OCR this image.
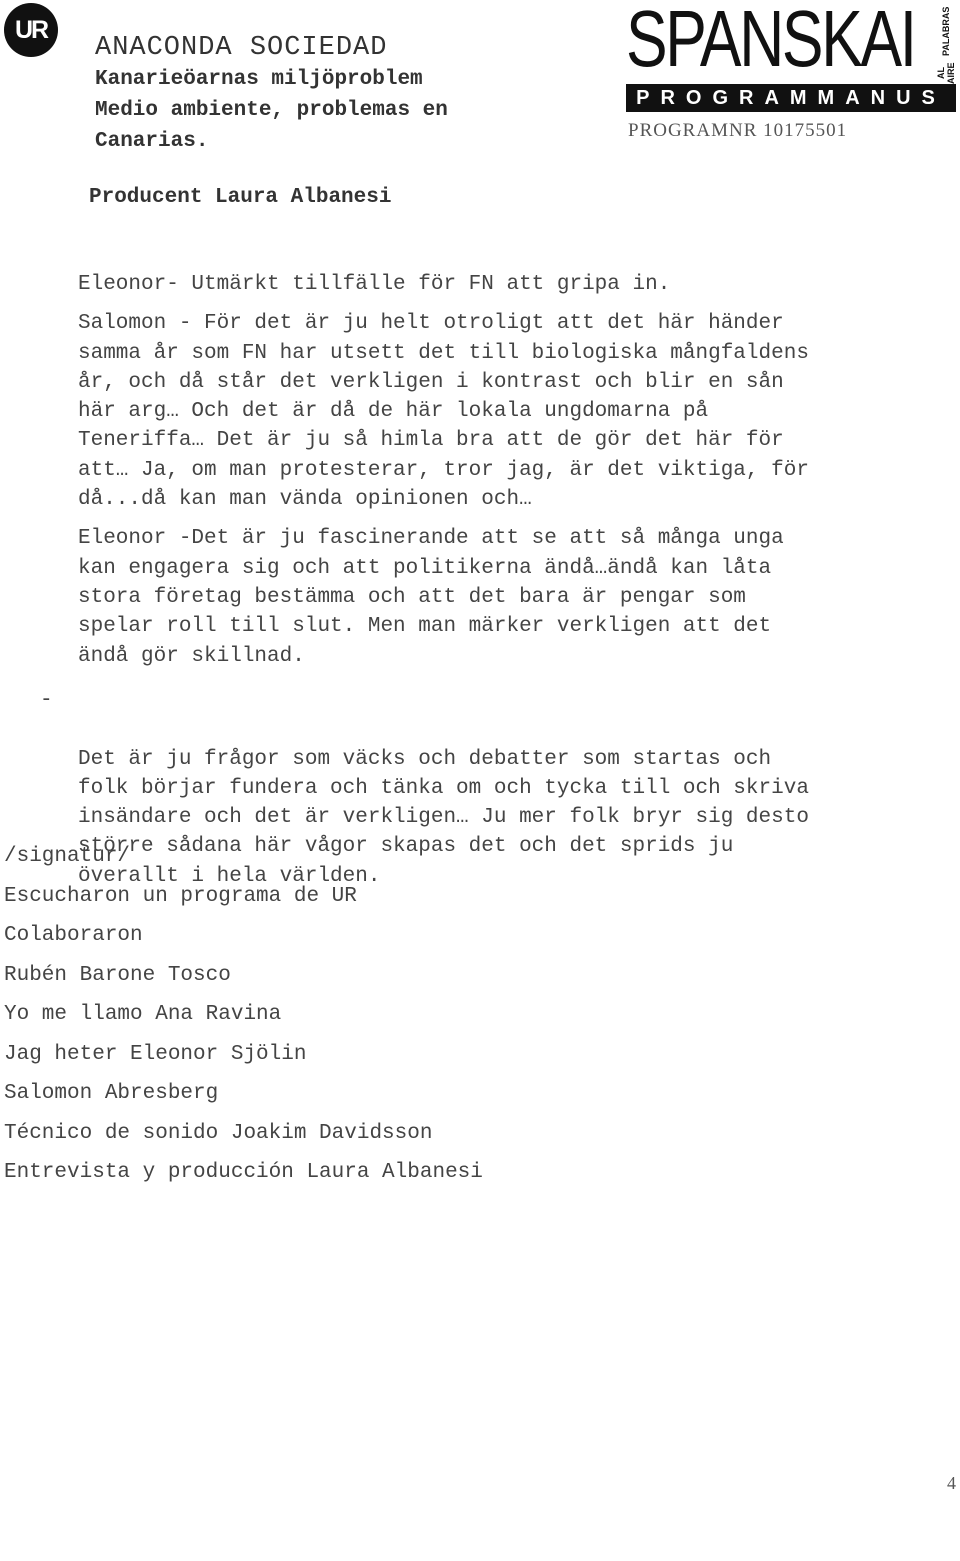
UR
ANACONDA SOCIEDAD
Kanarieöarnas miljöproblem
Medio ambiente, problemas en
Canarias.
SPANSKAI	PALABRAS AL AIRE
PROGRAMMANUS
PROGRAMNR 10175501
Producent Laura Albanesi

Eleonor- Utmärkt tillfälle för FN att gripa in.

Salomon - För det är ju helt otroligt att det här händer
samma år som FN har utsett det till biologiska mångfaldens
år, och då står det verkligen i kontrast och blir en sån
här arg… Och det är då de här lokala ungdomarna på
Teneriffa… Det är ju så himla bra att de gör det här för
att… Ja, om man protesterar, tror jag, är det viktiga, för
då...då kan man vända opinionen och…

Eleonor -Det är ju fascinerande att se att så många unga
kan engagera sig och att politikerna ändå…ändå kan låta
stora företag bestämma och att det bara är pengar som
spelar roll till slut. Men man märker verkligen att det
ändå gör skillnad.

-

Det är ju frågor som väcks och debatter som startas och
folk börjar fundera och tänka om och tycka till och skriva
insändare och det är verkligen… Ju mer folk bryr sig desto
större sådana här vågor skapas det och det sprids ju
överallt i hela världen.

/signatur/
Escucharon un programa de UR
Colaboraron
Rubén Barone Tosco
Yo me llamo Ana Ravina
Jag heter Eleonor Sjölin
Salomon Abresberg
Técnico de sonido Joakim Davidsson
Entrevista y producción Laura Albanesi
4
